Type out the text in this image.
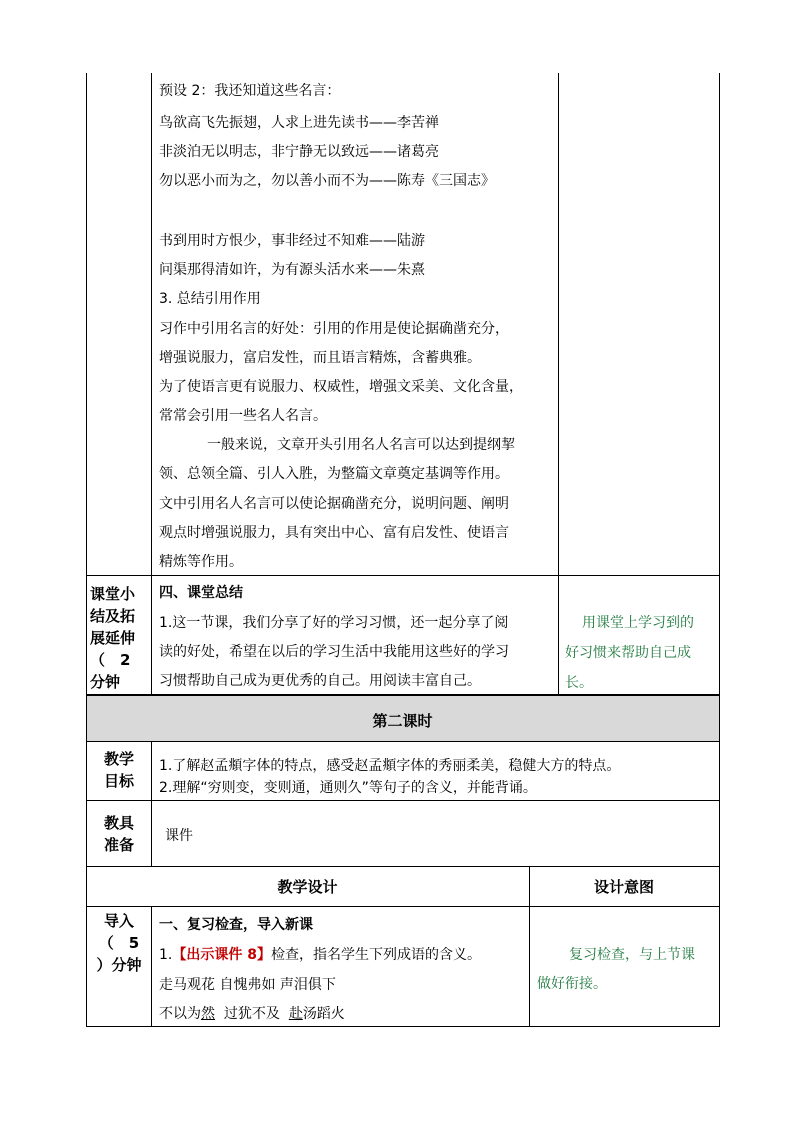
预设 2：我还知道这些名言：
鸟欲高飞先振翅，人求上进先读书——李苦禅
非淡泊无以明志，非宁静无以致远——诸葛亮
勿以恶小而为之，勿以善小而不为——陈寿《三国志》
书到用时方恨少，事非经过不知难——陆游
问渠那得清如许，为有源头活水来——朱熹
3. 总结引用作用
习作中引用名言的好处：引用的作用是使论据确凿充分，
增强说服力，富启发性，而且语言精炼，含蓄典雅。
为了使语言更有说服力、权威性，增强文采美、文化含量，
常常会引用一些名人名言。
一般来说，文章开头引用名人名言可以达到提纲挈
领、总领全篇、引人入胜，为整篇文章奠定基调等作用。
文中引用名人名言可以使论据确凿充分，说明问题、阐明
观点时增强说服力，具有突出中心、富有启发性、使语言
精炼等作用。
课堂小
结及拓
展延伸
（　2
分钟
四、课堂总结
1.这一节课，我们分享了好的学习习惯，还一起分享了阅
读的好处，希望在以后的学习生活中我能用这些好的学习
习惯帮助自己成为更优秀的自己。用阅读丰富自己。
用课堂上学习到的
好习惯来帮助自己成
长。
第二课时
教学
目标
1.了解赵孟頫字体的特点，感受赵孟頫字体的秀丽柔美，稳健大方的特点。
2.理解“穷则变，变则通，通则久”等句子的含义，并能背诵。
教具
准备	课件
教学设计	设计意图
导入
（　5
）分钟
一、复习检查，导入新课
1.【出示课件 8】检查，指名学生下列成语的含义。
走马观花 自愧弗如 声泪俱下
不以为然  过犹不及  赴汤蹈火
复习检查，与上节课
做好衔接。
